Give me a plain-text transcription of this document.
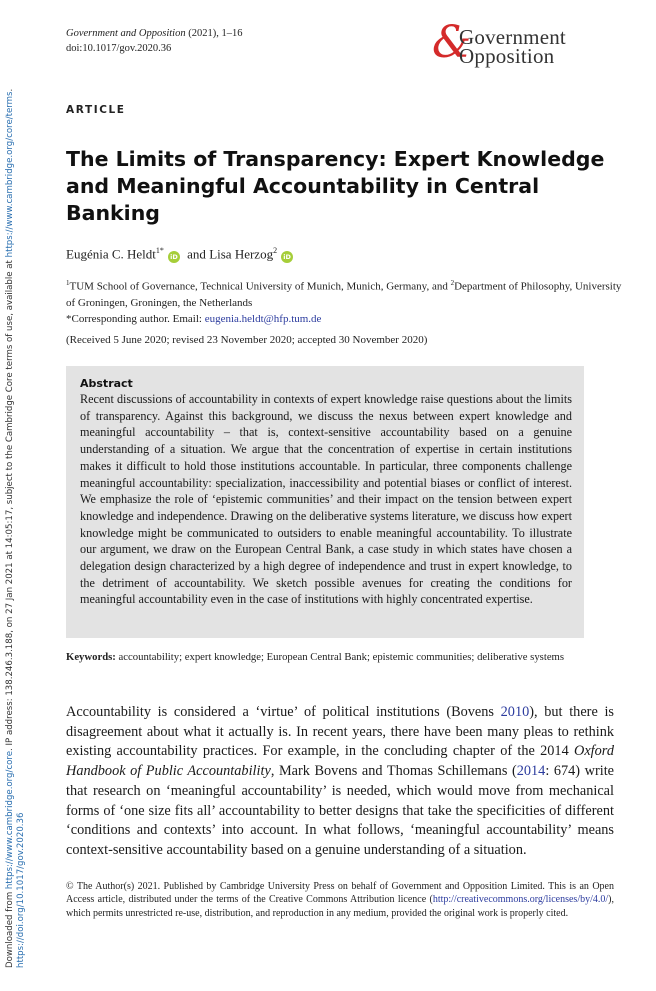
Downloaded from https://www.cambridge.org/core. IP address: 138.246.3.188, on 27 Jan 2021 at 14:05:17, subject to the Cambridge Core terms of use, available at https://www.cambridge.org/core/terms.
https://doi.org/10.1017/gov.2020.36
Government and Opposition (2021), 1–16
doi:10.1017/gov.2020.36	&
Government
Opposition
ARTICLE
The Limits of Transparency: Expert Knowledge and Meaningful Accountability in Central Banking
Eugénia C. Heldt$^{1*}$iD and Lisa Herzog$^2$iD
$^1$TUM School of Governance, Technical University of Munich, Munich, Germany, and $^2$Department of Philosophy, University of Groningen, Groningen, the Netherlands
*Corresponding author. Email: eugenia.heldt@hfp.tum.de
(Received 5 June 2020; revised 23 November 2020; accepted 30 November 2020)
Abstract

Recent discussions of accountability in contexts of expert knowledge raise questions about the limits of transparency. Against this background, we discuss the nexus between expert knowledge and meaningful accountability – that is, context-sensitive accountability based on a genuine understanding of a situation. We argue that the concentration of expertise in certain institutions makes it difficult to hold those institutions accountable. In particular, three components challenge meaningful accountability: specialization, inaccessibility and potential biases or conflict of interest. We emphasize the role of ‘epistemic communities’ and their impact on the tension between expert knowledge and independence. Drawing on the deliberative systems literature, we discuss how expert knowledge might be communicated to outsiders to enable meaningful accountability. To illustrate our argument, we draw on the European Central Bank, a case study in which states have chosen a delegation design characterized by a high degree of independence and trust in expert knowledge, to the detriment of accountability. We sketch possible avenues for creating the conditions for meaningful accountability even in the case of institutions with highly concentrated expertise.

Keywords: accountability; expert knowledge; European Central Bank; epistemic communities; deliberative systems

Accountability is considered a ‘virtue’ of political institutions (Bovens 2010), but there is disagreement about what it actually is. In recent years, there have been many pleas to rethink existing accountability practices. For example, in the concluding chapter of the 2014 Oxford Handbook of Public Accountability, Mark Bovens and Thomas Schillemans (2014: 674) write that research on ‘meaningful accountability’ is needed, which would move from mechanical forms of ‘one size fits all’ accountability to better designs that take the specificities of different ‘conditions and contexts’ into account. In what follows, ‘meaningful accountability’ means context-sensitive accountability based on a genuine understanding of a situation.

© The Author(s) 2021. Published by Cambridge University Press on behalf of Government and Opposition Limited. This is an Open Access article, distributed under the terms of the Creative Commons Attribution licence (http://creativecommons.org/licenses/by/4.0/), which permits unrestricted re-use, distribution, and reproduction in any medium, provided the original work is properly cited.
